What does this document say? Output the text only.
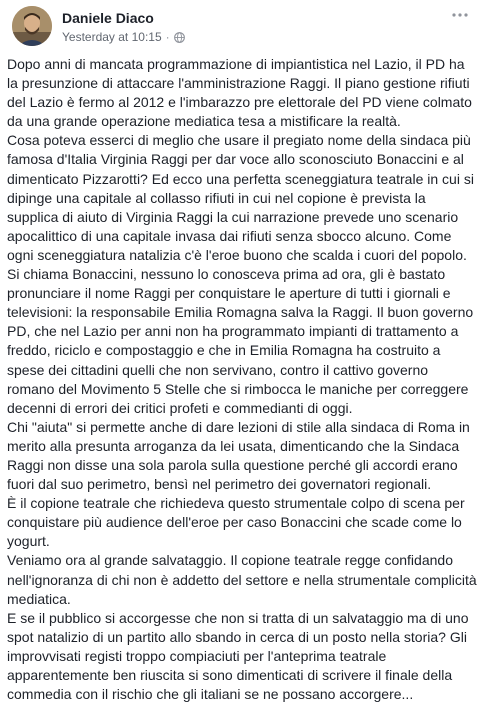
Daniele Diaco
Yesterday at 10:15 ·

Dopo anni di mancata programmazione di impiantistica nel Lazio, il PD ha la presunzione di attaccare l'amministrazione Raggi. Il piano gestione rifiuti del Lazio è fermo al 2012 e l'imbarazzo pre elettorale del PD viene colmato da una grande operazione mediatica tesa a mistificare la realtà.

Cosa poteva esserci di meglio che usare il pregiato nome della sindaca più famosa d'Italia Virginia Raggi per dar voce allo sconosciuto Bonaccini e al dimenticato Pizzarotti? Ed ecco una perfetta sceneggiatura teatrale in cui si dipinge una capitale al collasso rifiuti in cui nel copione è prevista la supplica di aiuto di Virginia Raggi la cui narrazione prevede uno scenario apocalittico di una capitale invasa dai rifiuti senza sbocco alcuno. Come ogni sceneggiatura natalizia c'è l'eroe buono che scalda i cuori del popolo. Si chiama Bonaccini, nessuno lo conosceva prima ad ora, gli è bastato pronunciare il nome Raggi per conquistare le aperture di tutti i giornali e televisioni: la responsabile Emilia Romagna salva la Raggi. Il buon governo PD, che nel Lazio per anni non ha programmato impianti di trattamento a freddo, riciclo e compostaggio e che in Emilia Romagna ha costruito a spese dei cittadini quelli che non servivano, contro il cattivo governo romano del Movimento 5 Stelle che si rimbocca le maniche per correggere decenni di errori dei critici profeti e commedianti di oggi.

Chi "aiuta" si permette anche di dare lezioni di stile alla sindaca di Roma in merito alla presunta arroganza da lei usata, dimenticando che la Sindaca Raggi non disse una sola parola sulla questione perché gli accordi erano fuori dal suo perimetro, bensì nel perimetro dei governatori regionali.

È il copione teatrale che richiedeva questo strumentale colpo di scena per conquistare più audience dell'eroe per caso Bonaccini che scade come lo yogurt.

Veniamo ora al grande salvataggio. Il copione teatrale regge confidando nell'ignoranza di chi non è addetto del settore e nella strumentale complicità mediatica.

E se il pubblico si accorgesse che non si tratta di un salvataggio ma di uno spot natalizio di un partito allo sbando in cerca di un posto nella storia? Gli improvvisati registi troppo compiaciuti per l'anteprima teatrale apparentemente ben riuscita si sono dimenticati di scrivere il finale della commedia con il rischio che gli italiani se ne possano accorgere...
